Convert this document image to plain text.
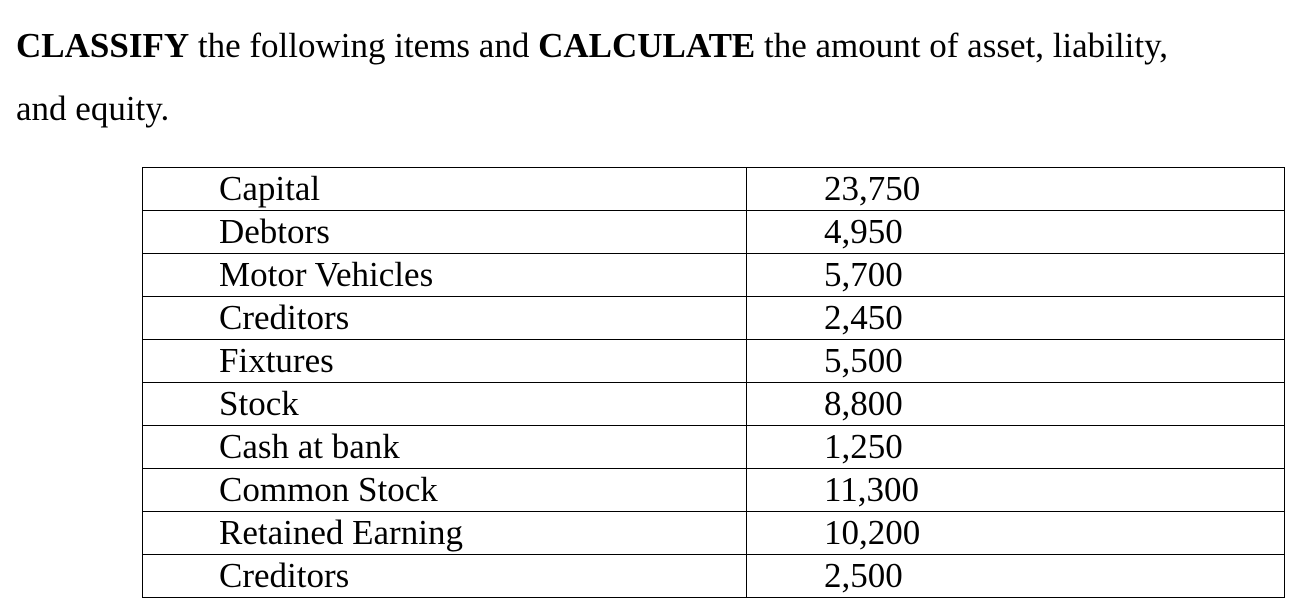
CLASSIFY the following items and CALCULATE the amount of asset, liability,
and equity.

Capital	23,750
Debtors	4,950
Motor Vehicles	5,700
Creditors	2,450
Fixtures	5,500
Stock	8,800
Cash at bank	1,250
Common Stock	11,300
Retained Earning	10,200
Creditors	2,500
